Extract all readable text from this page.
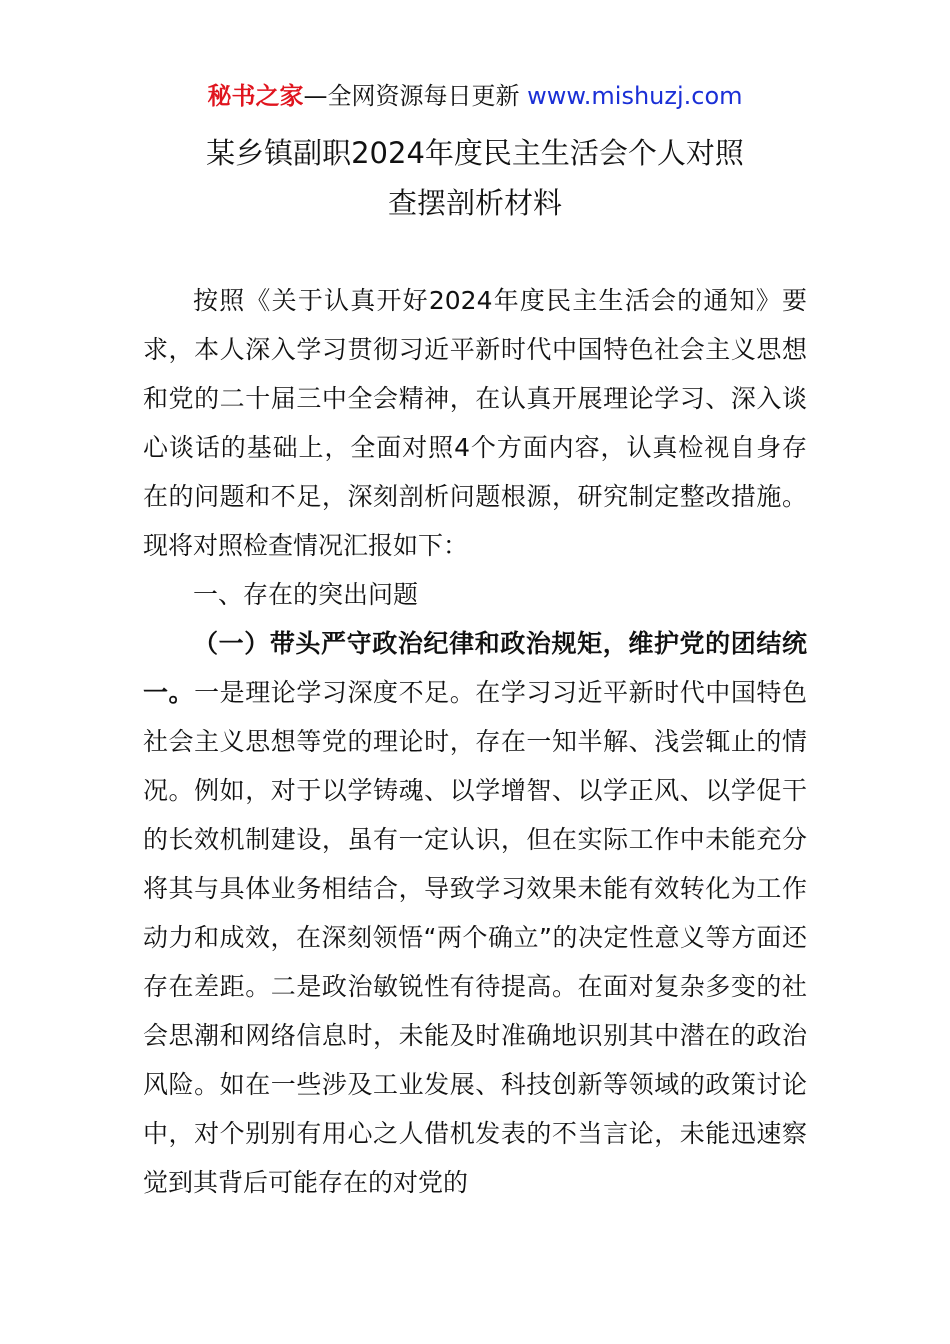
秘书之家—全网资源每日更新 www.mishuzj.com
某乡镇副职2024年度民主生活会个人对照
查摆剖析材料

按照《关于认真开好2024年度民主生活会的通知》要求，本人深入学习贯彻习近平新时代中国特色社会主义思想和党的二十届三中全会精神，在认真开展理论学习、深入谈心谈话的基础上，全面对照4个方面内容，认真检视自身存在的问题和不足，深刻剖析问题根源，研究制定整改措施。现将对照检查情况汇报如下：

一、存在的突出问题

（一）带头严守政治纪律和政治规矩，维护党的团结统一。一是理论学习深度不足。在学习习近平新时代中国特色社会主义思想等党的理论时，存在一知半解、浅尝辄止的情况。例如，对于以学铸魂、以学增智、以学正风、以学促干的长效机制建设，虽有一定认识，但在实际工作中未能充分将其与具体业务相结合，导致学习效果未能有效转化为工作动力和成效，在深刻领悟“两个确立”的决定性意义等方面还存在差距。二是政治敏锐性有待提高。在面对复杂多变的社会思潮和网络信息时，未能及时准确地识别其中潜在的政治风险。如在一些涉及工业发展、科技创新等领域的政策讨论中，对个别别有用心之人借机发表的不当言论，未能迅速察觉到其背后可能存在的对党的
